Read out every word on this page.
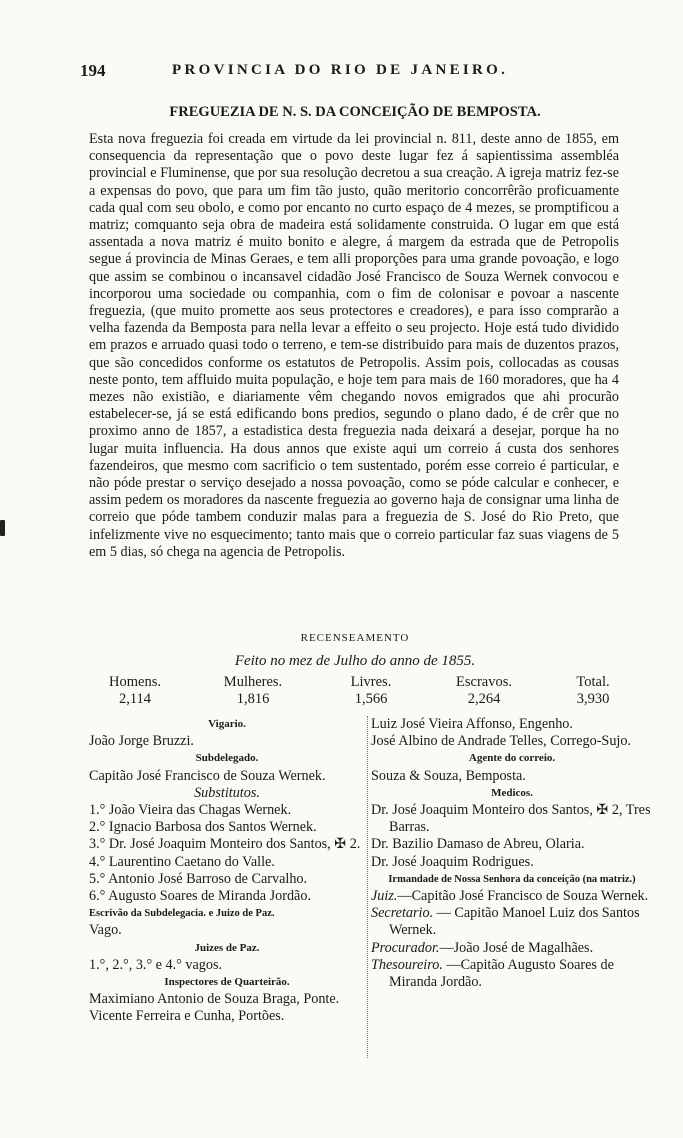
194	PROVINCIA DO RIO DE JANEIRO.
FREGUEZIA DE N. S. DA CONCEIÇÃO DE BEMPOSTA.

Esta nova freguezia foi creada em virtude da lei provincial n. 811, deste anno de 1855, em consequencia da representação que o povo deste lugar fez á sapientissima assembléa provincial e Fluminense, que por sua resolução decretou a sua creação. A igreja matriz fez-se a expensas do povo, que para um fim tão justo, quão meritorio concorrêrão proficuamente cada qual com seu obolo, e como por encanto no curto espaço de 4 mezes, se promptificou a matriz; comquanto seja obra de madeira está solidamente construida. O lugar em que está assentada a nova matriz é muito bonito e alegre, á margem da estrada que de Petropolis segue á provincia de Minas Geraes, e tem alli proporções para uma grande povoação, e logo que assim se combinou o incansavel cidadão José Francisco de Souza Wernek convocou e incorporou uma sociedade ou companhia, com o fim de colonisar e povoar a nascente freguezia, (que muito promette aos seus protectores e creadores), e para isso comprarão a velha fazenda da Bemposta para nella levar a effeito o seu projecto. Hoje está tudo dividido em prazos e arruado quasi todo o terreno, e tem-se distribuido para mais de duzentos prazos, que são concedidos conforme os estatutos de Petropolis. Assim pois, collocadas as cousas neste ponto, tem affluido muita população, e hoje tem para mais de 160 moradores, que ha 4 mezes não existião, e diariamente vêm chegando novos emigrados que ahi procurão estabelecer-se, já se está edificando bons predios, segundo o plano dado, é de crêr que no proximo anno de 1857, a estadistica desta freguezia nada deixará a desejar, porque ha no lugar muita influencia. Ha dous annos que existe aqui um correio á custa dos senhores fazendeiros, que mesmo com sacrificio o tem sustentado, porém esse correio é particular, e não póde prestar o serviço desejado a nossa povoação, como se póde calcular e conhecer, e assim pedem os moradores da nascente freguezia ao governo haja de consignar uma linha de correio que póde tambem conduzir malas para a freguezia de S. José do Rio Preto, que infelizmente vive no esquecimento; tanto mais que o correio particular faz suas viagens de 5 em 5 dias, só chega na agencia de Petropolis.

RECENSEAMENTO
Feito no mez de Julho do anno de 1855.
Homens.
2,114
Mulheres.
1,816
Livres.
1,566
Escravos.
2,264
Total.
3,930
Vigario.
João Jorge Bruzzi.
Subdelegado.
Capitão José Francisco de Souza Wernek.
Substitutos.
1.° João Vieira das Chagas Wernek.
2.° Ignacio Barbosa dos Santos Wernek.
3.° Dr. José Joaquim Monteiro dos Santos, ✠ 2.
4.° Laurentino Caetano do Valle.
5.° Antonio José Barroso de Carvalho.
6.° Augusto Soares de Miranda Jordão.
Escrivão da Subdelegacia. e Juizo de Paz.
Vago.
Juizes de Paz.
1.°, 2.°, 3.° e 4.° vagos.
Inspectores de Quarteirão.
Maximiano Antonio de Souza Braga, Ponte.
Vicente Ferreira e Cunha, Portões.
Luiz José Vieira Affonso, Engenho.
José Albino de Andrade Telles, Corrego-Sujo.
Agente do correio.
Souza & Souza, Bemposta.
Medicos.
Dr. José Joaquim Monteiro dos Santos, ✠ 2, Tres Barras.
Dr. Bazilio Damaso de Abreu, Olaria.
Dr. José Joaquim Rodrigues.
Irmandade de Nossa Senhora da conceição (na matriz.)
Juiz.—Capitão José Francisco de Souza Wernek.
Secretario. — Capitão Manoel Luiz dos Santos Wernek.
Procurador.—João José de Magalhães.
Thesoureiro. —Capitão Augusto Soares de Miranda Jordão.
